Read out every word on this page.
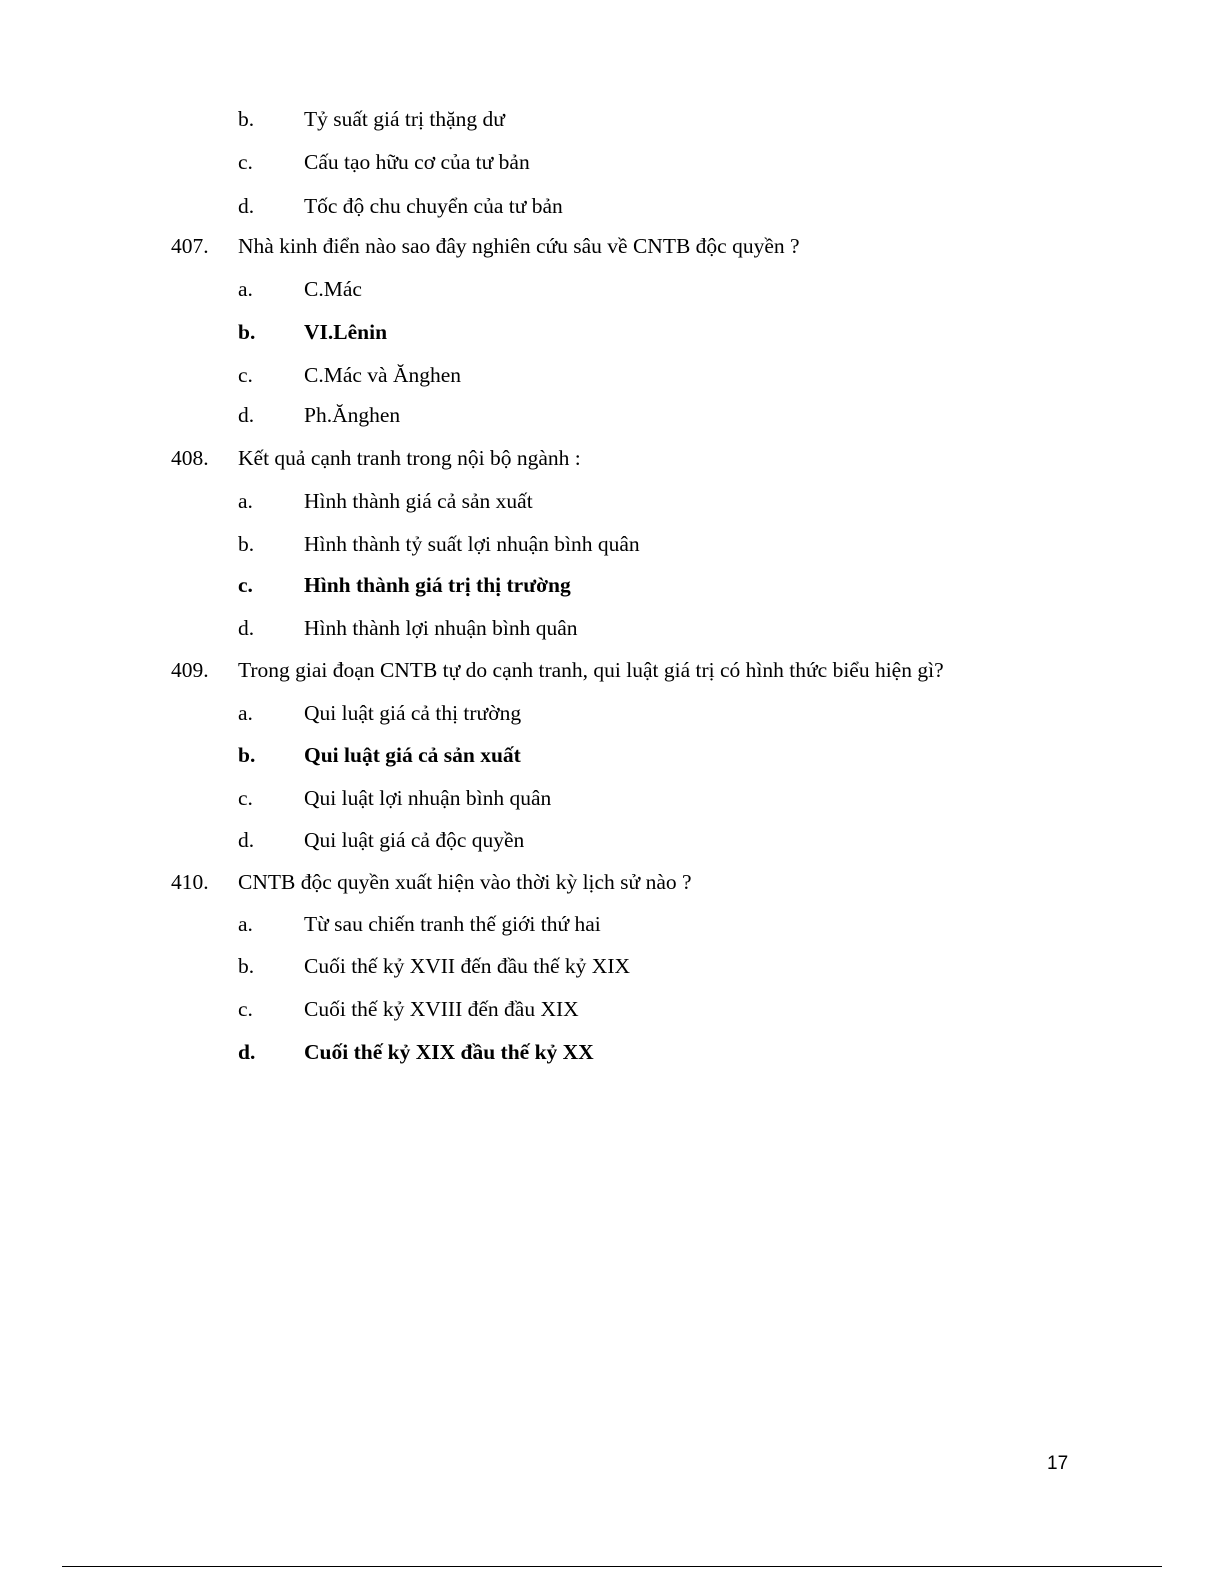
b. Tỷ suất giá trị thặng dư
c. Cấu tạo hữu cơ của tư bản
d. Tốc độ chu chuyển của tư bản
407. Nhà kinh điển nào sao đây nghiên cứu sâu về CNTB độc quyền ?
a. C.Mác
b. VI.Lênin
c. C.Mác và Ănghen
d. Ph.Ănghen
408. Kết quả cạnh tranh trong nội bộ ngành :
a. Hình thành giá cả sản xuất
b. Hình thành tỷ suất lợi nhuận bình quân
c. Hình thành giá trị thị trường
d. Hình thành lợi nhuận bình quân
409. Trong giai đoạn CNTB tự do cạnh tranh, qui luật giá trị có hình thức biểu hiện gì?
a. Qui luật giá cả thị trường
b. Qui luật giá cả sản xuất
c. Qui luật lợi nhuận bình quân
d. Qui luật giá cả độc quyền
410. CNTB độc quyền xuất hiện vào thời kỳ lịch sử nào ?
a. Từ sau chiến tranh thế giới thứ hai
b. Cuối thế kỷ XVII đến đầu thế kỷ XIX
c. Cuối thế kỷ XVIII đến đầu XIX
d. Cuối thế kỷ XIX đầu thế kỷ XX
17
